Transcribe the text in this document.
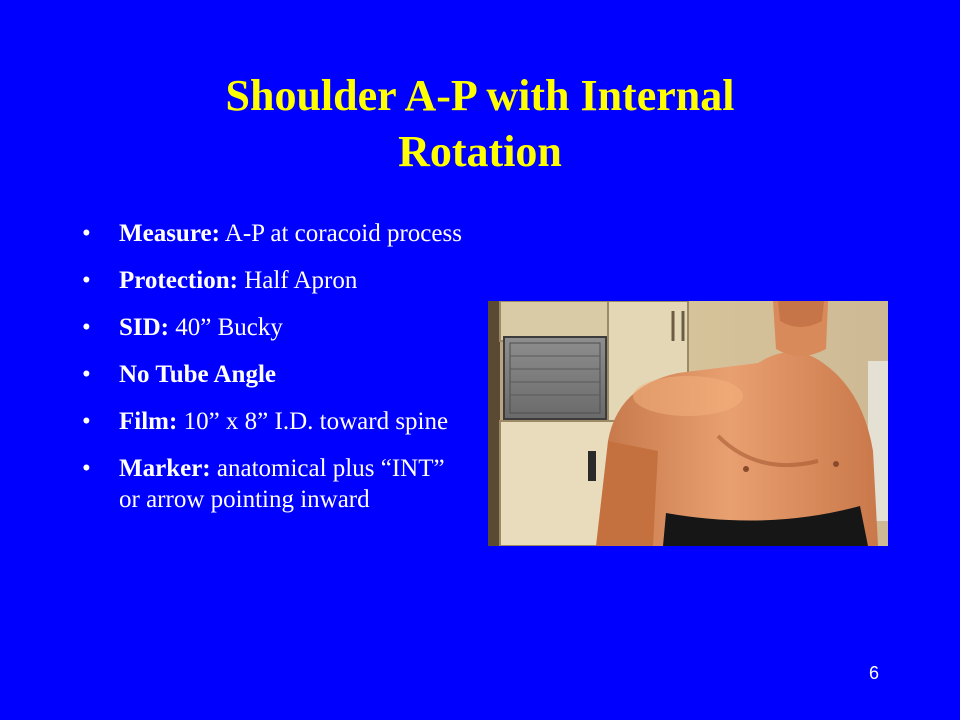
Shoulder A-P with Internal
Rotation
• Measure: A-P at coracoid process
• Protection: Half Apron
• SID: 40” Bucky
• No Tube Angle
• Film: 10” x 8” I.D. toward spine
• Marker: anatomical plus “INT” or arrow pointing inward
6
